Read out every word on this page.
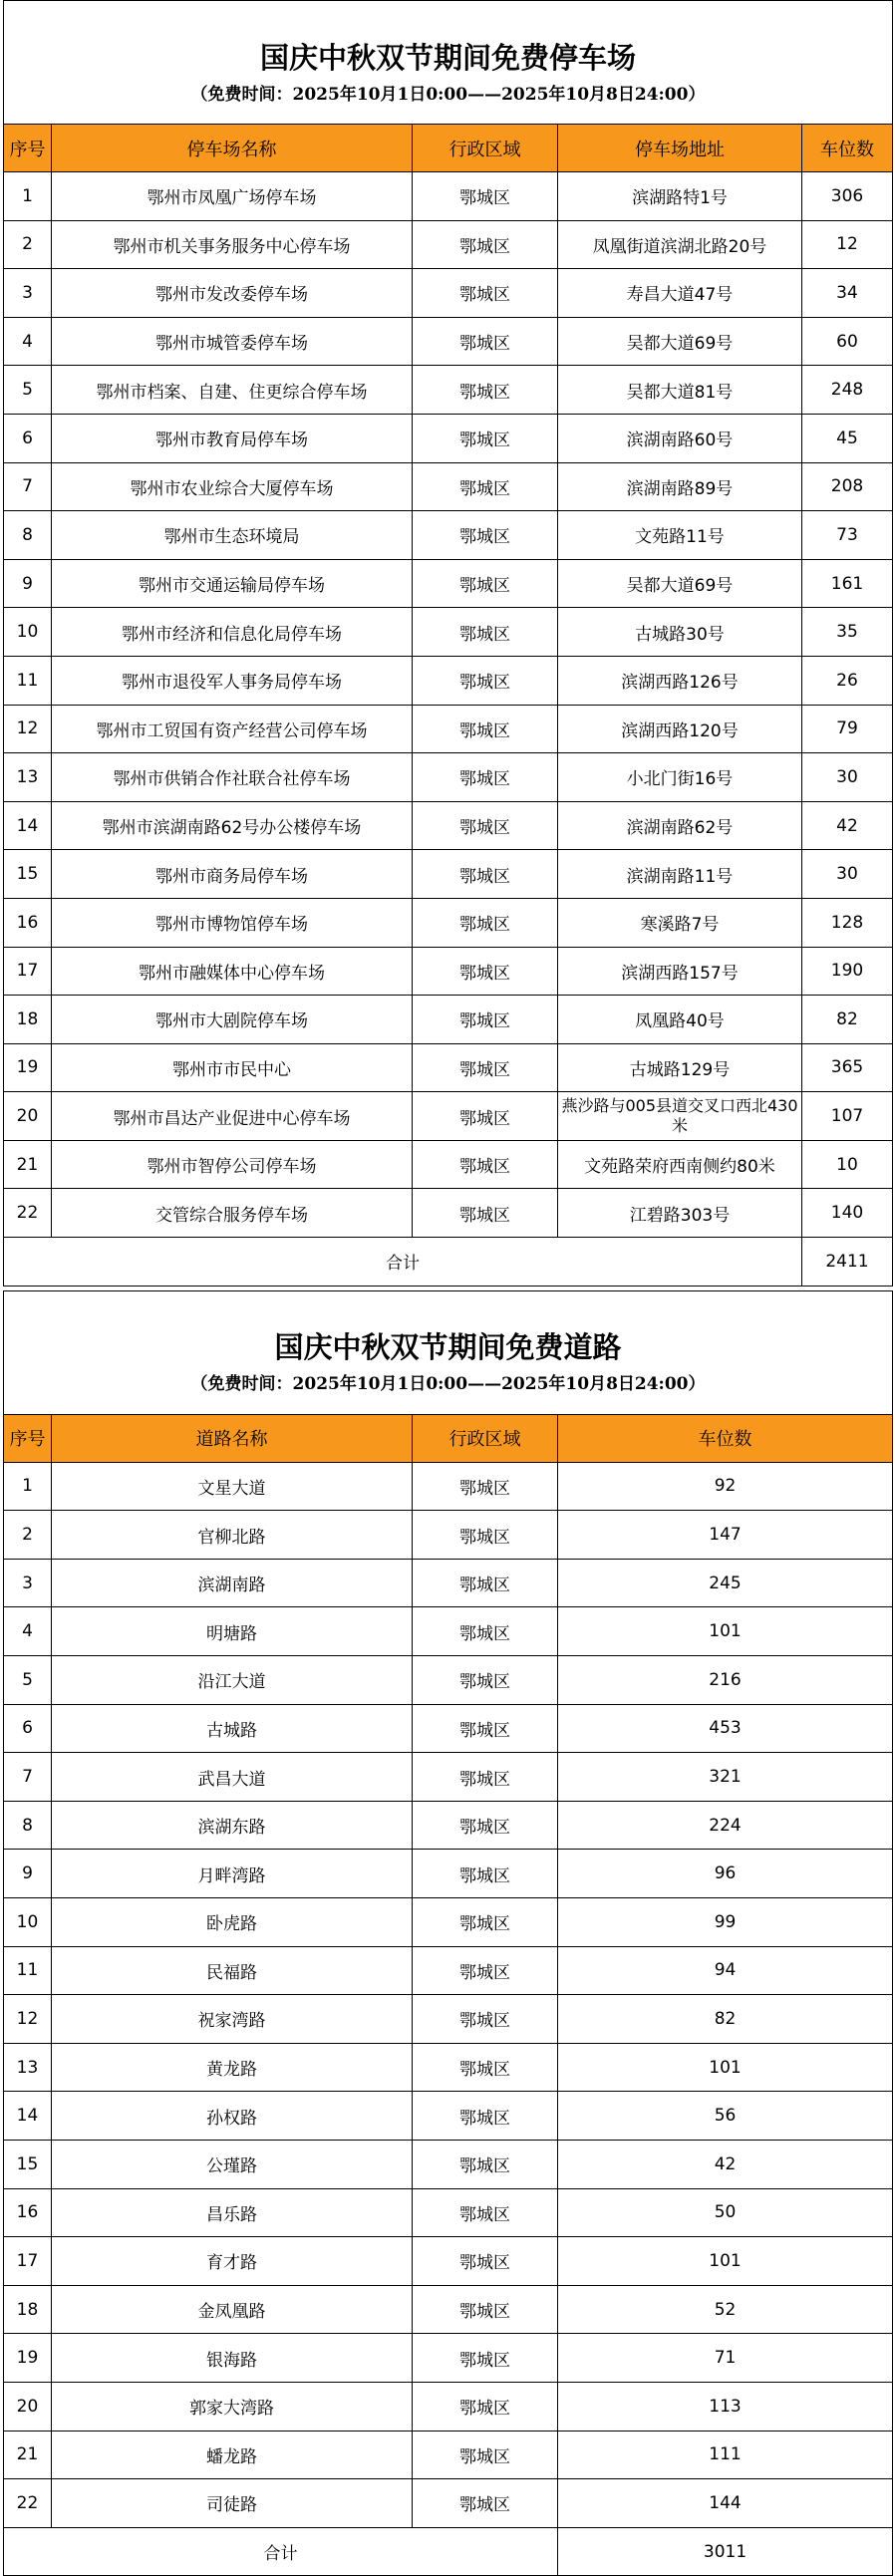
国庆中秋双节期间免费停车场
（免费时间：2025年10月1日0:00——2025年10月8日24:00）				

序号	停车场名称	行政区域	停车场地址	车位数
1	鄂州市凤凰广场停车场	鄂城区	滨湖路特1号	306
2	鄂州市机关事务服务中心停车场	鄂城区	凤凰街道滨湖北路20号	12
3	鄂州市发改委停车场	鄂城区	寿昌大道47号	34
4	鄂州市城管委停车场	鄂城区	吴都大道69号	60
5	鄂州市档案、自建、住更综合停车场	鄂城区	吴都大道81号	248
6	鄂州市教育局停车场	鄂城区	滨湖南路60号	45
7	鄂州市农业综合大厦停车场	鄂城区	滨湖南路89号	208
8	鄂州市生态环境局	鄂城区	文苑路11号	73
9	鄂州市交通运输局停车场	鄂城区	吴都大道69号	161
10	鄂州市经济和信息化局停车场	鄂城区	古城路30号	35
11	鄂州市退役军人事务局停车场	鄂城区	滨湖西路126号	26
12	鄂州市工贸国有资产经营公司停车场	鄂城区	滨湖西路120号	79
13	鄂州市供销合作社联合社停车场	鄂城区	小北门街16号	30
14	鄂州市滨湖南路62号办公楼停车场	鄂城区	滨湖南路62号	42
15	鄂州市商务局停车场	鄂城区	滨湖南路11号	30
16	鄂州市博物馆停车场	鄂城区	寒溪路7号	128
17	鄂州市融媒体中心停车场	鄂城区	滨湖西路157号	190
18	鄂州市大剧院停车场	鄂城区	凤凰路40号	82
19	鄂州市市民中心	鄂城区	古城路129号	365
20	鄂州市昌达产业促进中心停车场	鄂城区	燕沙路与005县道交叉口西北430米	107
21	鄂州市智停公司停车场	鄂城区	文苑路荣府西南侧约80米	10
22	交管综合服务停车场	鄂城区	江碧路303号	140
合计				2411
国庆中秋双节期间免费道路
（免费时间：2025年10月1日0:00——2025年10月8日24:00）			

序号	道路名称	行政区域	车位数
1	文星大道	鄂城区	92
2	官柳北路	鄂城区	147
3	滨湖南路	鄂城区	245
4	明塘路	鄂城区	101
5	沿江大道	鄂城区	216
6	古城路	鄂城区	453
7	武昌大道	鄂城区	321
8	滨湖东路	鄂城区	224
9	月畔湾路	鄂城区	96
10	卧虎路	鄂城区	99
11	民福路	鄂城区	94
12	祝家湾路	鄂城区	82
13	黄龙路	鄂城区	101
14	孙权路	鄂城区	56
15	公瑾路	鄂城区	42
16	昌乐路	鄂城区	50
17	育才路	鄂城区	101
18	金凤凰路	鄂城区	52
19	银海路	鄂城区	71
20	郭家大湾路	鄂城区	113
21	蟠龙路	鄂城区	111
22	司徒路	鄂城区	144
合计			3011
